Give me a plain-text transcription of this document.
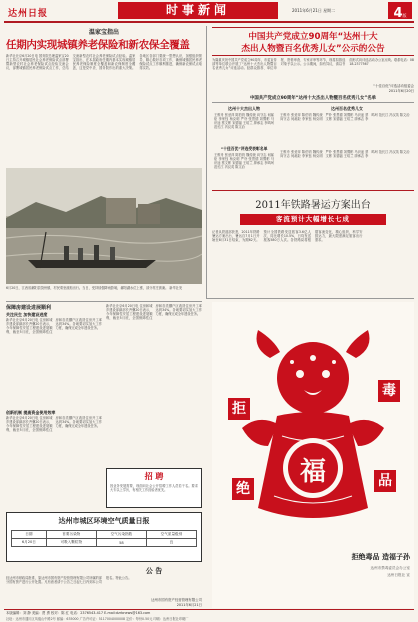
达州日报	时事新闻	2011年6月21日 星期二	4版
温家宝指出
任期内实现城镇养老保险和新农保全覆盖
新华社北京6月20日电 国务院总理温家宝20日主持召开城镇居民社会养老保险试点部署暨新型农村社会养老保险试点经验交流会议，部署城镇居民养老保险试点工作，总结交流新型农村社会养老保险试点经验。温家宝指出，在本届政府任期内基本实现城镇居民养老保险制度全覆盖和新农保制度全覆盖，这是党中央、国务院作出的重大决策。各地区各部门要统一思想认识，加强组织领导，精心做好各项工作，确保城镇居民养老保险试点工作顺利推进，确保新农保试点取得实效。
6月20日，江西省鄱阳县饶州镇，村民乘坐渡船出行。当日，受持续强降雨影响，鄱阳湖水位上涨，部分村庄被淹。 新华社发
中国共产党成立90周年“达州十大
杰出人物暨百名优秀儿女”公示的公告
为隆重庆祝中国共产党成立90周年，市委宣传部等单位联合开展了“达州十大杰出人物暨百名优秀儿女”评选活动。经群众推荐、单位申报、资格审查、专家评审等环节，现将拟推选对象予以公示。公示期间，如有异议，请以书面形式向评选活动办公室反映。联系电话：0818-2377567
“十佳百优”评选活动组委会
2011年6月20日
中国共产党成立90周年“达州十大杰出人物暨百名优秀儿女”名单
达州十大杰出人物
王维舟 张爱萍 陈伯钧 魏传统 向守志 何郝炬 李家钰 杨克明 严朴 张思德 刘蜀彬 马识途 蔡文彬 宋德福 王绍兰 廖承志 李鸣珂 范长江 冯汉英 陈文治
“十佳百优”评选受表彰名单
王维舟 张爱萍 陈伯钧 魏传统 向守志 何郝炬 李家钰 杨克明 严朴 张思德 刘蜀彬 马识途 蔡文彬 宋德福 王绍兰 廖承志 李鸣珂 范长江 冯汉英 陈文治
达州百名优秀儿女
王维舟 张爱萍 陈伯钧 魏传统 向守志 何郝炬 李家钰 杨克明 严朴 张思德 刘蜀彬 马识途 蔡文彬 宋德福 王绍兰 廖承志 李鸣珂 范长江 冯汉英 陈文治
王维舟 张爱萍 陈伯钧 魏传统 向守志 何郝炬 李家钰 杨克明 严朴 张思德 刘蜀彬 马识途 蔡文彬 宋德福 王绍兰 廖承志 李鸣珂 范长江 冯汉英 陈文治
2011年铁路暑运方案出台
客流预计大幅增长七成
记者从铁道部获悉，2011年铁路暑运方案出台，暑运自7月1日开始至8月31日结束，为期62天。预计全国铁路发送旅客3.6亿人次，同比增长10.5%，日均发送旅客580万人次。各铁路局将根据客流变化，精心组织，科学安排运力，最大限度满足旅客出行需求。
保障房建设进展顺利
关注民生 加快建设进度
新华社北京6月20日电 住房和城乡建设部副部长齐骥20日表示，今年保障性安居工程建设进展顺利，截至5月底，全国保障性住房和各类棚户区改造住房开工率达到34%。各地要切实加大工作力度，确保完成全年建设任务。
创新机制 提高资金使用效率
新华社北京6月20日电 住房和城乡建设部副部长齐骥20日表示，今年保障性安居工程建设进展顺利，截至5月底，全国保障性住房和各类棚户区改造住房开工率达到34%。各地要切实加大工作力度，确保完成全年建设任务。
新华社北京6月20日电 住房和城乡建设部副部长齐骥20日表示，今年保障性安居工程建设进展顺利，截至5月底，全国保障性住房和各类棚户区改造住房开工率达到34%。各地要切实加大工作力度，确保完成全年建设任务。
招 聘
因业务发展需要，现面向社会公开招聘工作人员若干名。要求大专以上学历，有相关工作经验者优先。
达州市城区环境空气质量日报
日期	首要污染物	空气污染指数	空气质量级别
6月20日	可吸入颗粒物	58	良
公 告
经达州市财政局批准，原达州市国有资产经营管理有限公司所属的部分国有资产进行公开处置。凡有意者请于公告之日起七日内到本公司报名。特此公告。
达州市国有资产经营管理有限公司
2011年6月21日
福
拒
毒
绝	品
拒绝毒品 造福子孙
达州市禁毒委员会办公室
达州日报社 宣
本版编辑：刘 静 美编：贾 勇 校对：陈 红 电话：2376543-417 E-mail:dzrbnews@163.com
社址：达州市通川区凤凰山中路2号 邮编：635000 广告许可证：5117004000008 定价：每份0.50元 印刷：达州日报社印刷厂
